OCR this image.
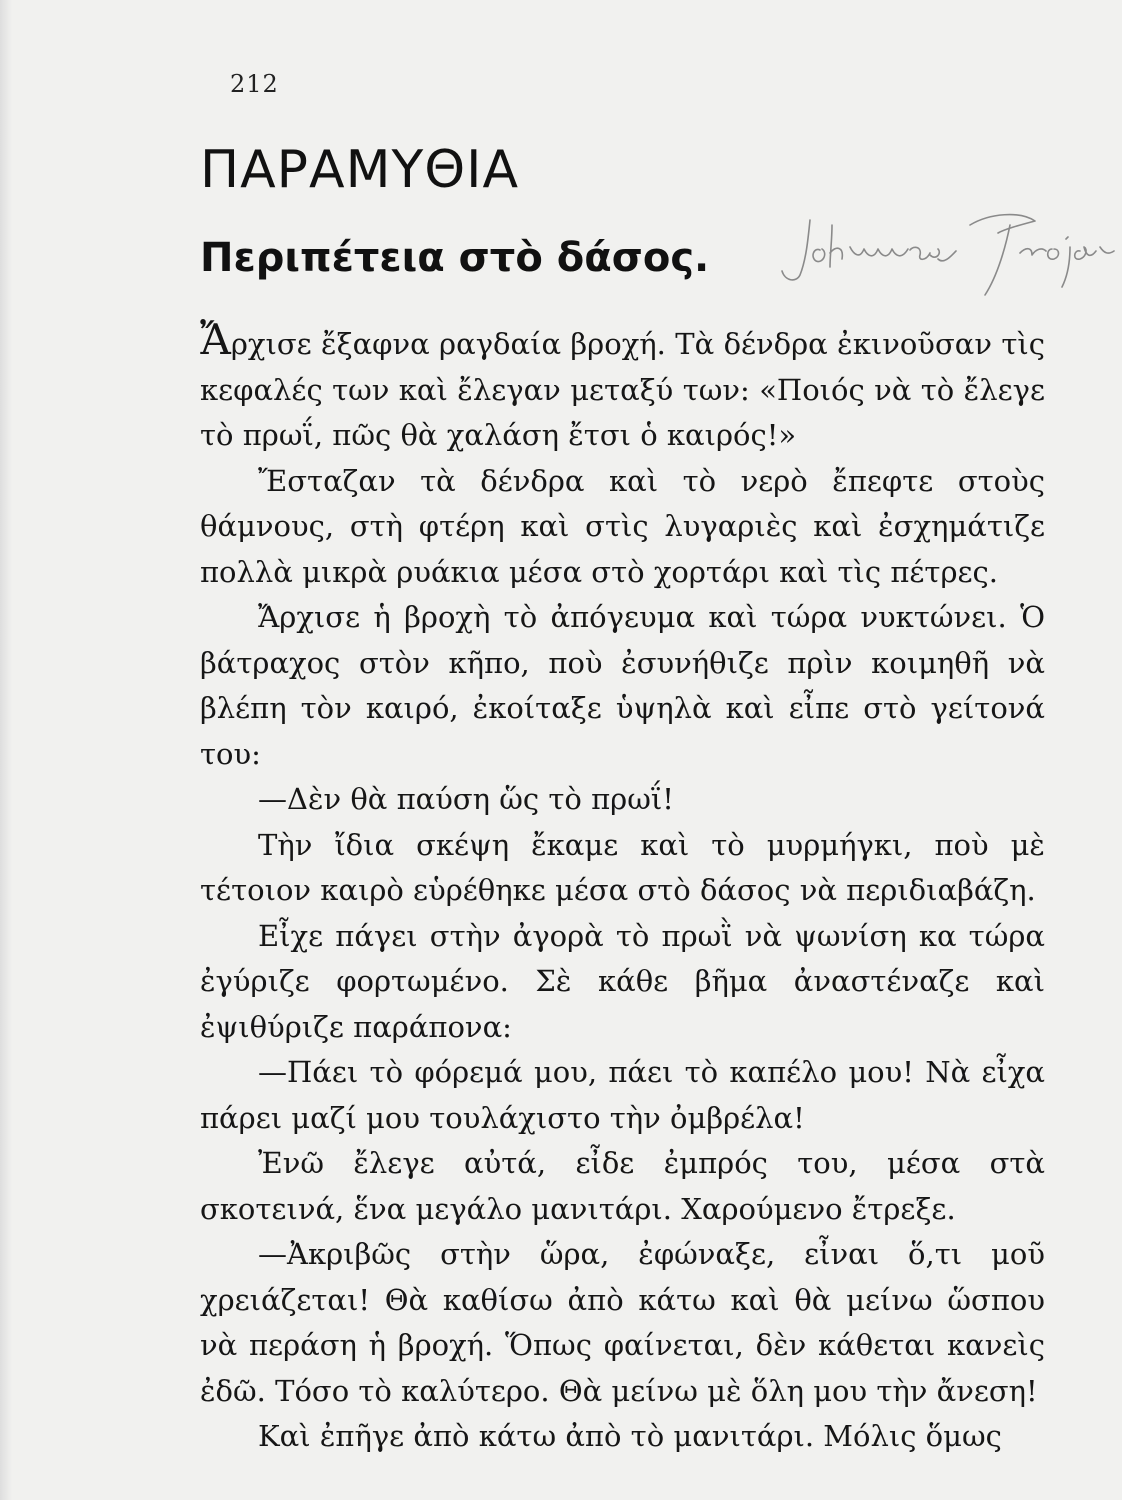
212
ΠΑΡΑΜΥΘΙΑ
Περιπέτεια στὸ δάσος.

Ἄρχισε ἔξαφνα ραγδαία βροχή. Τὰ δένδρα ἐκινοῦσαν τὶς κεφαλές των καὶ ἔλεγαν μεταξύ των: «Ποιός νὰ τὸ ἔλεγε τὸ πρωΐ, πῶς θὰ χαλάση ἔτσι ὁ καιρός!»

Ἔσταζαν τὰ δένδρα καὶ τὸ νερὸ ἔπεφτε στοὺς θάμνους, στὴ φτέρη καὶ στὶς λυγαριὲς καὶ ἐσχημάτιζε πολλὰ μικρὰ ρυάκια μέσα στὸ χορτάρι καὶ τὶς πέτρες.

Ἄρχισε ἡ βροχὴ τὸ ἀπόγευμα καὶ τώρα νυκτώνει. Ὁ βάτραχος στὸν κῆπο, ποὺ ἐσυνήθιζε πρὶν κοιμηθῆ νὰ βλέπη τὸν καιρό, ἐκοίταξε ὑψηλὰ καὶ εἶπε στὸ γείτονά του:

—Δὲν θὰ παύση ὥς τὸ πρωΐ!

Τὴν ἴδια σκέψη ἔκαμε καὶ τὸ μυρμήγκι, ποὺ μὲ τέτοιον καιρὸ εὑρέθηκε μέσα στὸ δάσος νὰ περιδιαβάζη.

Εἶχε πάγει στὴν ἀγορὰ τὸ πρωῒ νὰ ψωνίση κα τώρα ἐγύριζε φορτωμένο. Σὲ κάθε βῆμα ἀναστέναζε καὶ ἐψιθύριζε παράπονα:

—Πάει τὸ φόρεμά μου, πάει τὸ καπέλο μου! Νὰ εἶχα πάρει μαζί μου τουλάχιστο τὴν ὀμβρέλα!

Ἐνῶ ἔλεγε αὐτά, εἶδε ἐμπρός του, μέσα στὰ σκοτεινά, ἕνα μεγάλο μανιτάρι. Χαρούμενο ἔτρεξε.

—Ἀκριβῶς στὴν ὥρα, ἐφώναξε, εἶναι ὅ,τι μοῦ χρειάζεται! Θὰ καθίσω ἀπὸ κάτω καὶ θὰ μείνω ὥσπου νὰ περάση ἡ βροχή. Ὅπως φαίνεται, δὲν κάθεται κανεὶς ἐδῶ. Τόσο τὸ καλύτερο. Θὰ μείνω μὲ ὅλη μου τὴν ἄνεση!

Καὶ ἐπῆγε ἀπὸ κάτω ἀπὸ τὸ μανιτάρι. Μόλις ὅμως
